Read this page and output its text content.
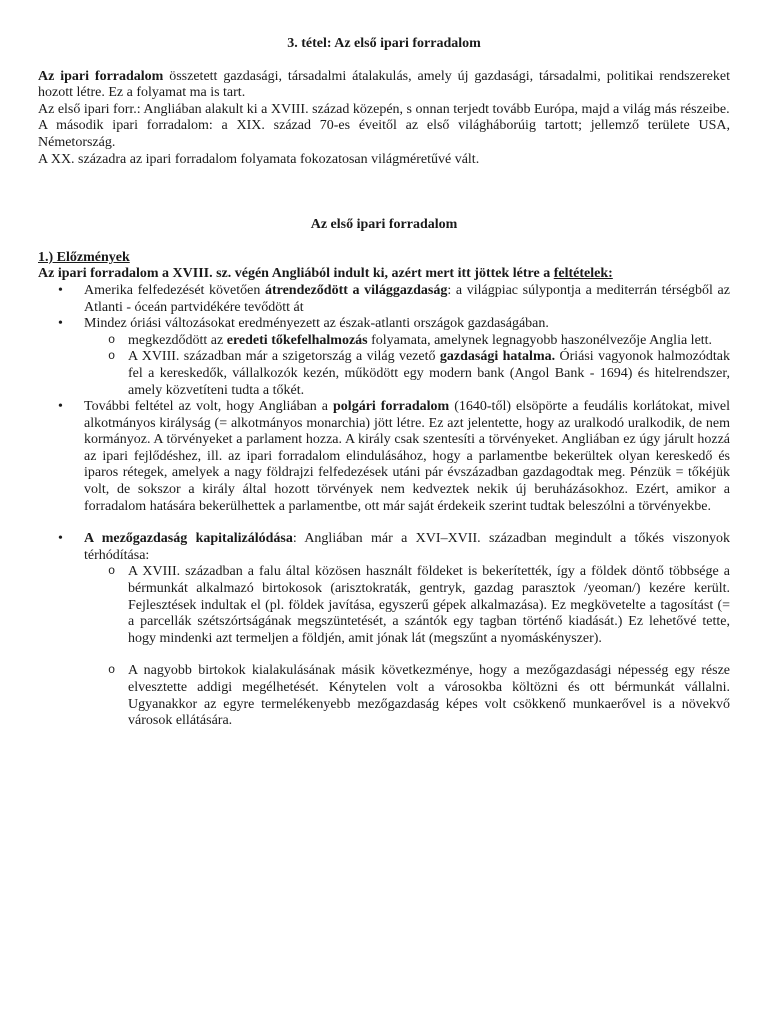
3. tétel: Az első ipari forradalom

Az ipari forradalom összetett gazdasági, társadalmi átalakulás, amely új gazdasági, társadalmi, politikai rendszereket hozott létre. Ez a folyamat ma is tart.

Az első ipari forr.: Angliában alakult ki a XVIII. század közepén, s onnan terjedt tovább Európa, majd a világ más részeibe.

A második ipari forradalom: a XIX. század 70-es éveitől az első világháborúig tartott; jellemző területe USA, Németország.

A XX. századra az ipari forradalom folyamata fokozatosan világméretűvé vált.

Az első ipari forradalom

1.) Előzmények

Az ipari forradalom a XVIII. sz. végén Angliából indult ki, azért mert itt jöttek létre a feltételek:

• Amerika felfedezését követően átrendeződött a világgazdaság: a világpiac súlypontja a mediterrán térségből az Atlanti - óceán partvidékére tevődött át
• Mindez óriási változásokat eredményezett az észak-atlanti országok gazdaságában.
o megkezdődött az eredeti tőkefelhalmozás folyamata, amelynek legnagyobb haszonélvezője Anglia lett.
o A XVIII. században már a szigetország a világ vezető gazdasági hatalma. Óriási vagyonok halmozódtak fel a kereskedők, vállalkozók kezén, működött egy modern bank (Angol Bank - 1694) és hitelrendszer, amely közvetíteni tudta a tőkét.
• További feltétel az volt, hogy Angliában a polgári forradalom (1640-től) elsöpörte a feudális korlátokat, mivel alkotmányos királyság (= alkotmányos monarchia) jött létre. Ez azt jelentette, hogy az uralkodó uralkodik, de nem kormányoz. A törvényeket a parlament hozza. A király csak szentesíti a törvényeket. Angliában ez úgy járult hozzá az ipari fejlődéshez, ill. az ipari forradalom elindulásához, hogy a parlamentbe bekerültek olyan kereskedő és iparos rétegek, amelyek a nagy földrajzi felfedezések utáni pár évszázadban gazdagodtak meg. Pénzük = tőkéjük volt, de sokszor a király által hozott törvények nem kedveztek nekik új beruházásokhoz. Ezért, amikor a forradalom hatására bekerülhettek a parlamentbe, ott már saját érdekeik szerint tudtak beleszólni a törvényekbe.
• A mezőgazdaság kapitalizálódása: Angliában már a XVI–XVII. században megindult a tőkés viszonyok térhódítása:
o A XVIII. században a falu által közösen használt földeket is bekerítették, így a földek döntő többsége a bérmunkát alkalmazó birtokosok (arisztokraták, gentryk, gazdag parasztok /yeoman/) kezére került. Fejlesztések indultak el (pl. földek javítása, egyszerű gépek alkalmazása). Ez megkövetelte a tagosítást (= a parcellák szétszórtságának megszüntetését, a szántók egy tagban történő kiadását.) Ez lehetővé tette, hogy mindenki azt termeljen a földjén, amit jónak lát (megszűnt a nyomáskényszer).
o A nagyobb birtokok kialakulásának másik következménye, hogy a mezőgazdasági népesség egy része elvesztette addigi megélhetését. Kénytelen volt a városokba költözni és ott bérmunkát vállalni. Ugyanakkor az egyre termelékenyebb mezőgazdaság képes volt csökkenő munkaerővel is a növekvő városok ellátására.
